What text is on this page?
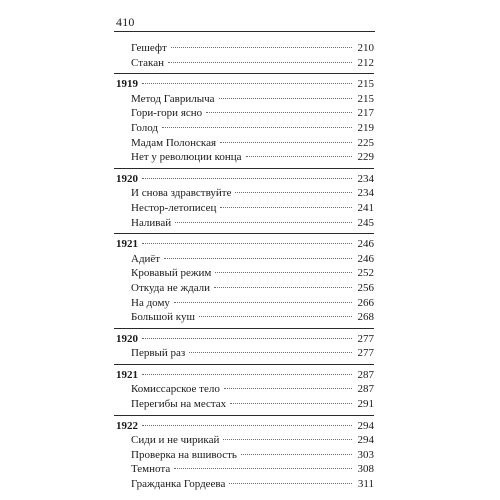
410
Гешефт	210
Стакан	212
1919	215
Метод Гаврилыча	215
Гори-гори ясно	217
Голод	219
Мадам Полонская	225
Нет у революции конца	229
1920	234
И снова здравствуйте	234
Нестор-летописец	241
Наливай	245
1921	246
Адиёт	246
Кровавый режим	252
Откуда не ждали	256
На дому	266
Большой куш	268
1920	277
Первый раз	277
1921	287
Комиссарское тело	287
Перегибы на местах	291
1922	294
Сиди и не чирикай	294
Проверка на вшивость	303
Темнота	308
Гражданка Гордеева	311
